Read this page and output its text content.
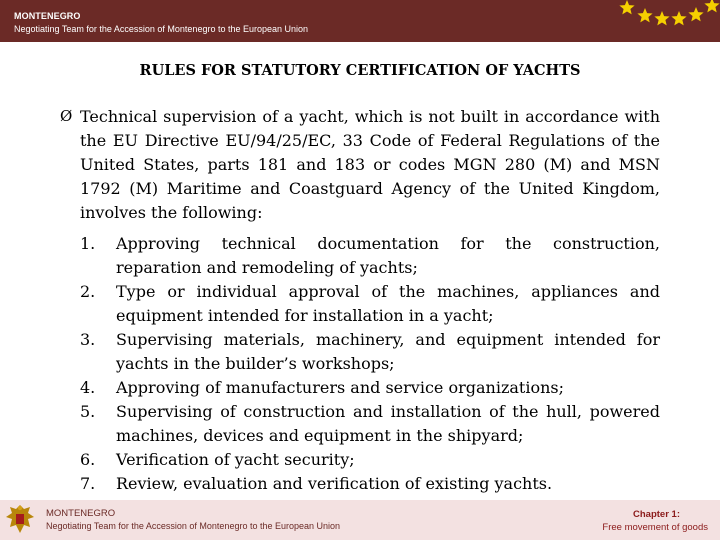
MONTENEGRO
Negotiating Team for the Accession of Montenegro to the European Union
RULES FOR STATUTORY CERTIFICATION OF YACHTS
Ø Technical supervision of a yacht, which is not built in accordance with the EU Directive EU/94/25/EC, 33 Code of Federal Regulations of the United States, parts 181 and 183 or codes MGN 280 (M) and MSN 1792 (M) Maritime and Coastguard Agency of the United Kingdom, involves the following:
1. Approving technical documentation for the construction, reparation and remodeling of yachts;
2. Type or individual approval of the machines, appliances and equipment intended for installation in a yacht;
3. Supervising materials, machinery, and equipment intended for yachts in the builder’s workshops;
4. Approving of manufacturers and service organizations;
5. Supervising of construction and installation of the hull, powered machines, devices and equipment in the shipyard;
6. Verification of yacht security;
7. Review, evaluation and verification of existing yachts.
MONTENEGRO
Negotiating Team for the Accession of Montenegro to the European Union
Chapter 1:
Free movement of goods
